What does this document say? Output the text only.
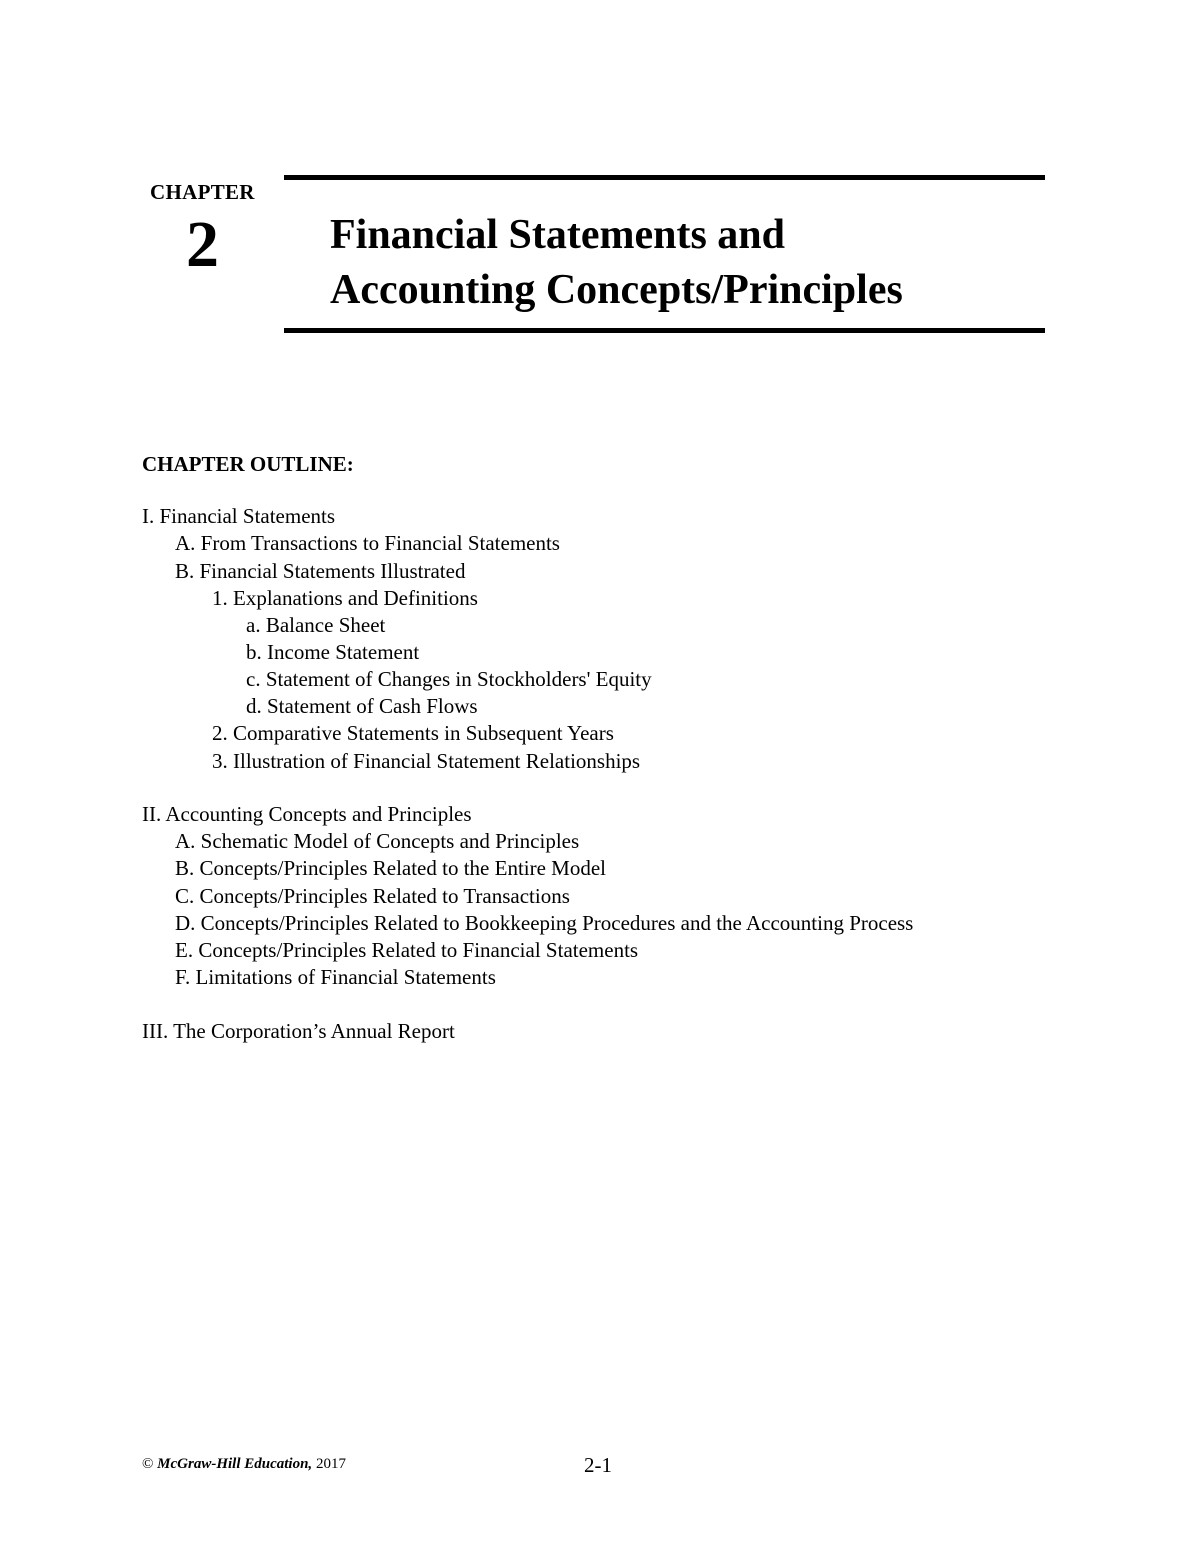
CHAPTER
2	Financial Statements and
Accounting Concepts/Principles
CHAPTER OUTLINE:
I. Financial Statements
A. From Transactions to Financial Statements
B. Financial Statements Illustrated
1. Explanations and Definitions
a. Balance Sheet
b. Income Statement
c. Statement of Changes in Stockholders' Equity
d. Statement of Cash Flows
2. Comparative Statements in Subsequent Years
3. Illustration of Financial Statement Relationships
II. Accounting Concepts and Principles
A. Schematic Model of Concepts and Principles
B. Concepts/Principles Related to the Entire Model
C. Concepts/Principles Related to Transactions
D. Concepts/Principles Related to Bookkeeping Procedures and the Accounting Process
E. Concepts/Principles Related to Financial Statements
F. Limitations of Financial Statements
III. The Corporation’s Annual Report
© McGraw-Hill Education, 2017	2-1
